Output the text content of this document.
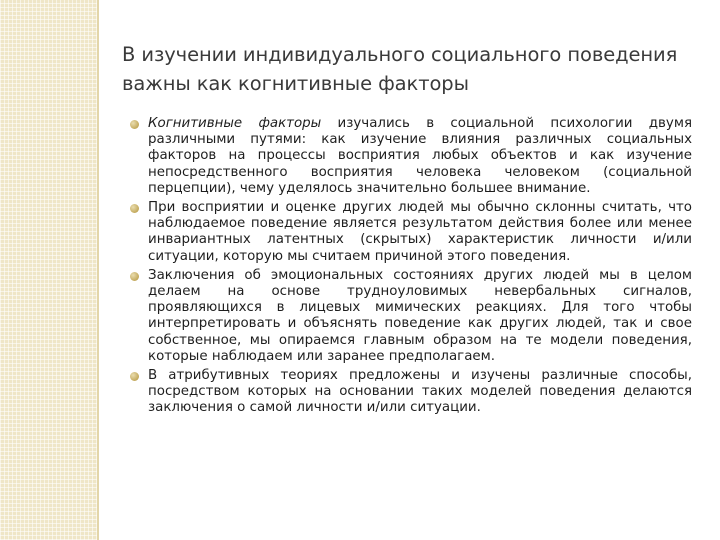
В изучении индивидуального социального поведения
важны как когнитивные факторы
Когнитивные факторы изучались в социальной психологии двумя различными путями: как изучение влияния различных социальных факторов на процессы восприятия любых объектов и как изучение непосредственного восприятия человека человеком (социальной перцепции), чему уделялось значительно большее внимание.
При восприятии и оценке других людей мы обычно склонны считать, что наблюдаемое поведение является результатом действия более или менее инвариантных латентных (скрытых) характеристик личности и/или ситуации, которую мы считаем причиной этого поведения.
Заключения об эмоциональных состояниях других людей мы в целом делаем на основе трудноуловимых невербальных сигналов, проявляющихся в лицевых мимических реакциях. Для того чтобы интерпретировать и объяснять поведение как других людей, так и свое собственное, мы опираемся главным образом на те модели поведения, которые наблюдаем или заранее предполагаем.
В атрибутивных теориях предложены и изучены различные способы, посредством которых на основании таких моделей поведения делаются заключения о самой личности и/или ситуации.
